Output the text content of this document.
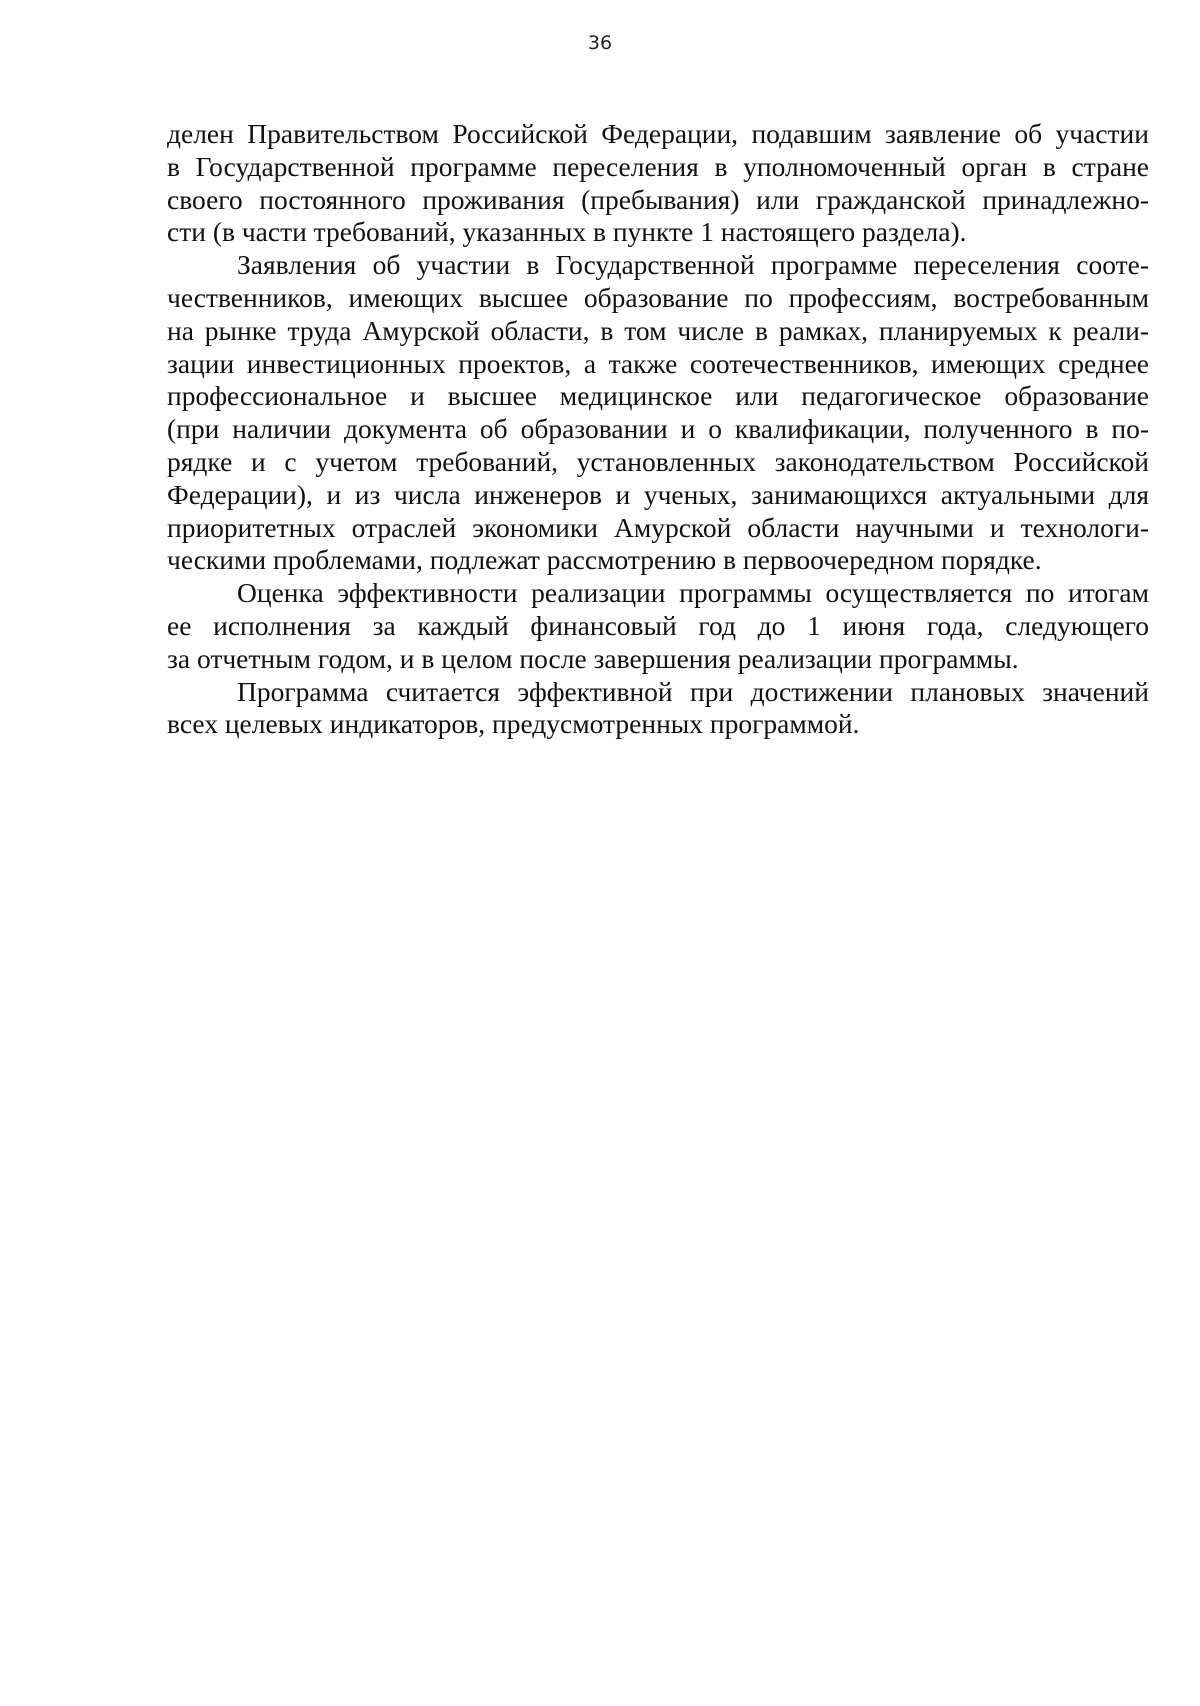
36

делен Правительством Российской Федерации, подавшим заявление об участии
в Государственной программе переселения в уполномоченный орган в стране
своего постоянного проживания (пребывания) или гражданской принадлежно-
сти (в части требований, указанных в пункте 1 настоящего раздела).

Заявления об участии в Государственной программе переселения сооте-
чественников, имеющих высшее образование по профессиям, востребованным
на рынке труда Амурской области, в том числе в рамках, планируемых к реали-
зации инвестиционных проектов, а также соотечественников, имеющих среднее
профессиональное и высшее медицинское или педагогическое образование
(при наличии документа об образовании и о квалификации, полученного в по-
рядке и с учетом требований, установленных законодательством Российской
Федерации), и из числа инженеров и ученых, занимающихся актуальными для
приоритетных отраслей экономики Амурской области научными и технологи-
ческими проблемами, подлежат рассмотрению в первоочередном порядке.

Оценка эффективности реализации программы осуществляется по итогам
ее исполнения за каждый финансовый год до 1 июня года, следующего
за отчетным годом, и в целом после завершения реализации программы.

Программа считается эффективной при достижении плановых значений
всех целевых индикаторов, предусмотренных программой.
